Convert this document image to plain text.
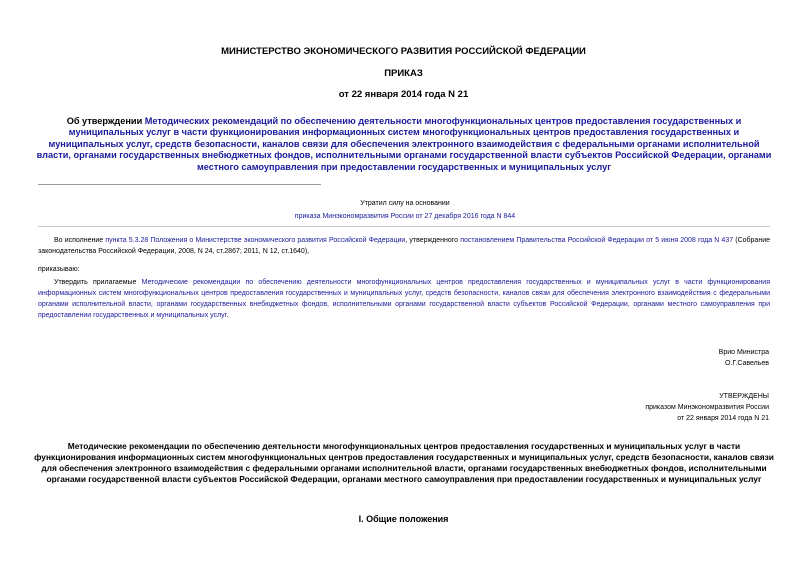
МИНИСТЕРСТВО ЭКОНОМИЧЕСКОГО РАЗВИТИЯ РОССИЙСКОЙ ФЕДЕРАЦИИ
ПРИКАЗ
от 22 января 2014 года N 21
Об утверждении Методических рекомендаций по обеспечению деятельности многофункциональных центров предоставления государственных и муниципальных услуг в части функционирования информационных систем многофункциональных центров предоставления государственных и муниципальных услуг, средств безопасности, каналов связи для обеспечения электронного взаимодействия с федеральными органами исполнительной власти, органами государственных внебюджетных фондов, исполнительными органами государственной власти субъектов Российской Федерации, органами местного самоуправления при предоставлении государственных и муниципальных услуг
Утратил силу на основании
приказа Минэкономразвития России от 27 декабря 2016 года N 844
Во исполнение пункта 5.3.28 Положения о Министерстве экономического развития Российской Федерации, утвержденного постановлением Правительства Российской Федерации от 5 июня 2008 года N 437 (Собрание законодательства Российской Федерации, 2008, N 24, ст.2867; 2011, N 12, ст.1640),
приказываю:
Утвердить прилагаемые Методические рекомендации по обеспечению деятельности многофункциональных центров предоставления государственных и муниципальных услуг в части функционирования информационных систем многофункциональных центров предоставления государственных и муниципальных услуг, средств безопасности, каналов связи для обеспечения электронного взаимодействия с федеральными органами исполнительной власти, органами государственных внебюджетных фондов, исполнительными органами государственной власти субъектов Российской Федерации, органами местного самоуправления при предоставлении государственных и муниципальных услуг.
Врио Министра
О.Г.Савельев
УТВЕРЖДЕНЫ
приказом Минэкономразвития России
от 22 января 2014 года N 21
Методические рекомендации по обеспечению деятельности многофункциональных центров предоставления государственных и муниципальных услуг в части функционирования информационных систем многофункциональных центров предоставления государственных и муниципальных услуг, средств безопасности, каналов связи для обеспечения электронного взаимодействия с федеральными органами исполнительной власти, органами государственных внебюджетных фондов, исполнительными органами государственной власти субъектов Российской Федерации, органами местного самоуправления при предоставлении государственных и муниципальных услуг
I. Общие положения
